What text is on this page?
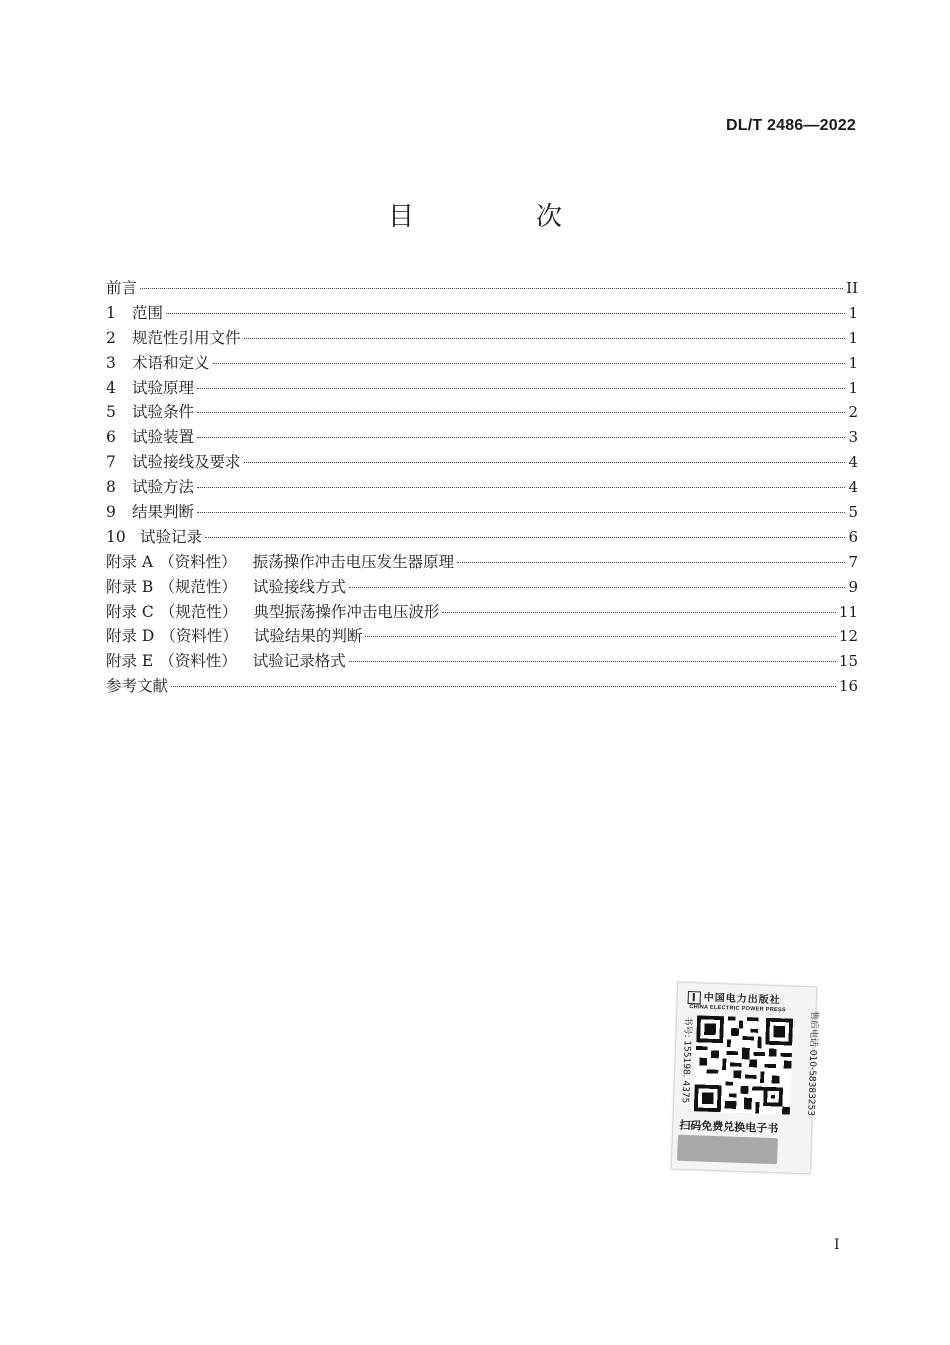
DL/T 2486—2022
目　次
前言	II
1	范围	1
2	规范性引用文件	1
3	术语和定义	1
4	试验原理	1
5	试验条件	2
6	试验装置	3
7	试验接线及要求	4
8	试验方法	4
9	结果判断	5
10 试验记录	6
附录 A （资料性） 振荡操作冲击电压发生器原理	7
附录 B （规范性） 试验接线方式	9
附录 C （规范性） 典型振荡操作冲击电压波形	11
附录 D （资料性） 试验结果的判断	12
附录 E （资料性） 试验记录格式	15
参考文献	16
中国电力出版社
CHINA ELECTRIC POWER PRESS
书号: 155198. 4375	售后电话 010-58383253
扫码免费兑换电子书
I
